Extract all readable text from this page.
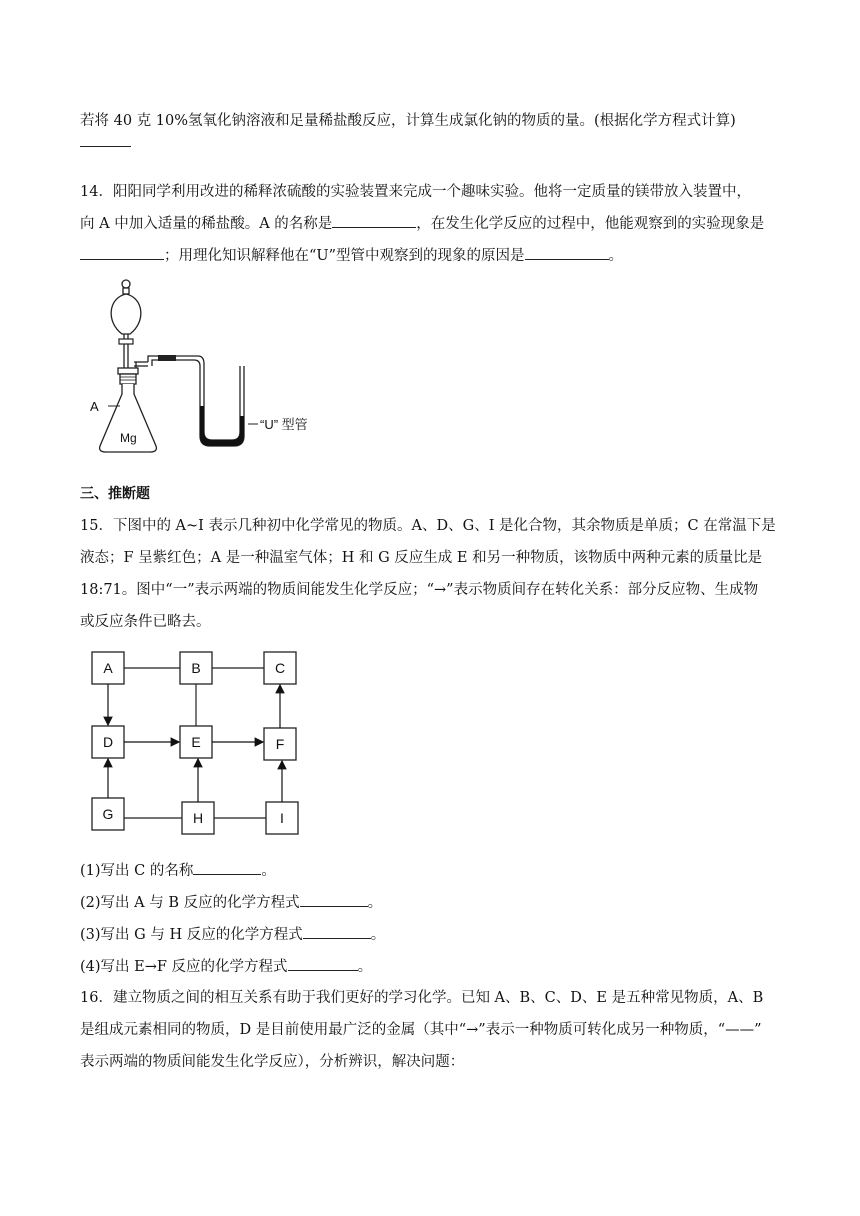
若将 40 克 10%氢氧化钠溶液和足量稀盐酸反应，计算生成氯化钠的物质的量。(根据化学方程式计算)
14．阳阳同学利用改进的稀释浓硫酸的实验装置来完成一个趣味实验。他将一定质量的镁带放入装置中，
向 A 中加入适量的稀盐酸。A 的名称是	，在发生化学反应的过程中，他能观察到的实验现象是
；用理化知识解释他在“U”型管中观察到的现象的原因是	。
A
Mg
“U” 型管
三、推断题
15．下图中的 A~I 表示几种初中化学常见的物质。A、D、G、I 是化合物，其余物质是单质；C 在常温下是
液态；F 呈紫红色；A 是一种温室气体；H 和 G 反应生成 E 和另一种物质，该物质中两种元素的质量比是
18:71。图中“一”表示两端的物质间能发生化学反应；“→”表示物质间存在转化关系：部分反应物、生成物
或反应条件已略去。
A	B	C
D	E	F
G	H	I
(1)写出 C 的名称	。
(2)写出 A 与 B 反应的化学方程式	。
(3)写出 G 与 H 反应的化学方程式	。
(4)写出 E→F 反应的化学方程式	。
16．建立物质之间的相互关系有助于我们更好的学习化学。已知 A、B、C、D、E 是五种常见物质，A、B
是组成元素相同的物质，D 是目前使用最广泛的金属（其中“→”表示一种物质可转化成另一种物质，“——”
表示两端的物质间能发生化学反应），分析辨识，解决问题：
